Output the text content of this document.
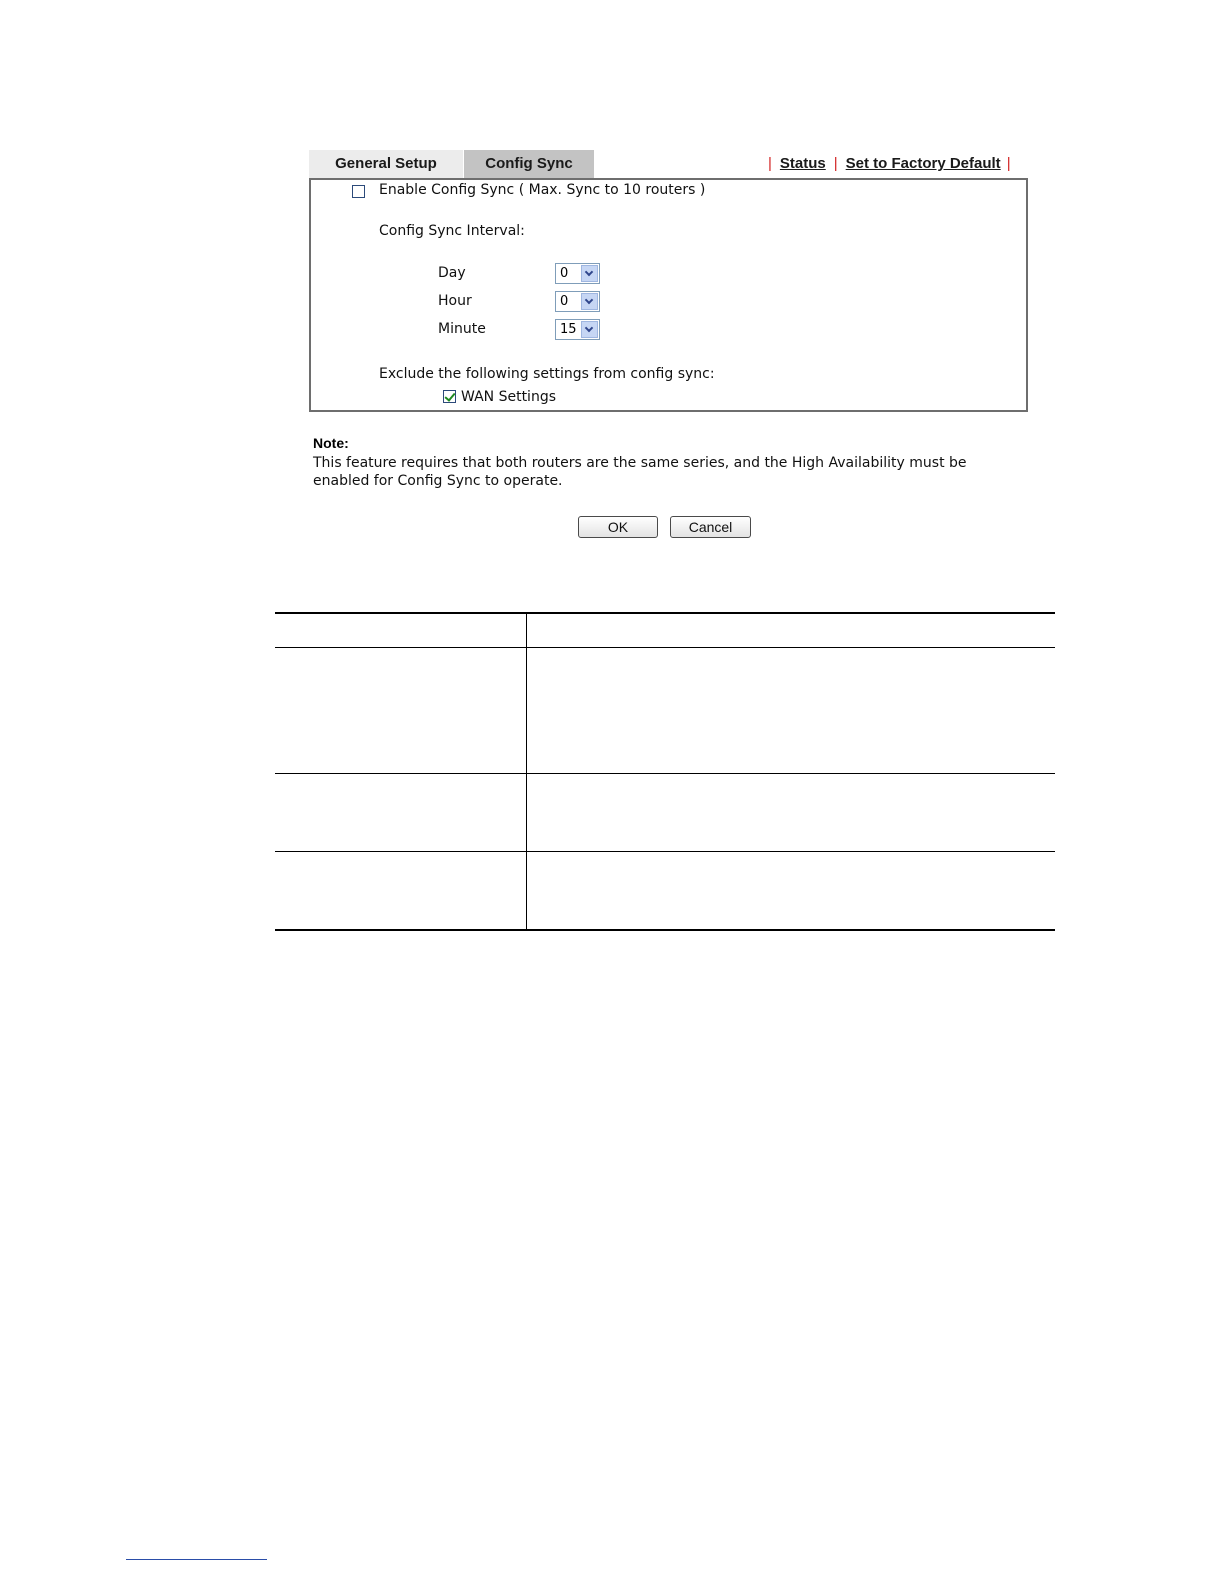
General Setup	Config Sync	| Status | Set to Factory Default |
Enable Config Sync ( Max. Sync to 10 routers )
Config Sync Interval:
Day	0
Hour	0
Minute	15
Exclude the following settings from config sync:
WAN Settings
Note:
This feature requires that both routers are the same series, and the High Availability must be enabled for Config Sync to operate.
OK	Cancel
